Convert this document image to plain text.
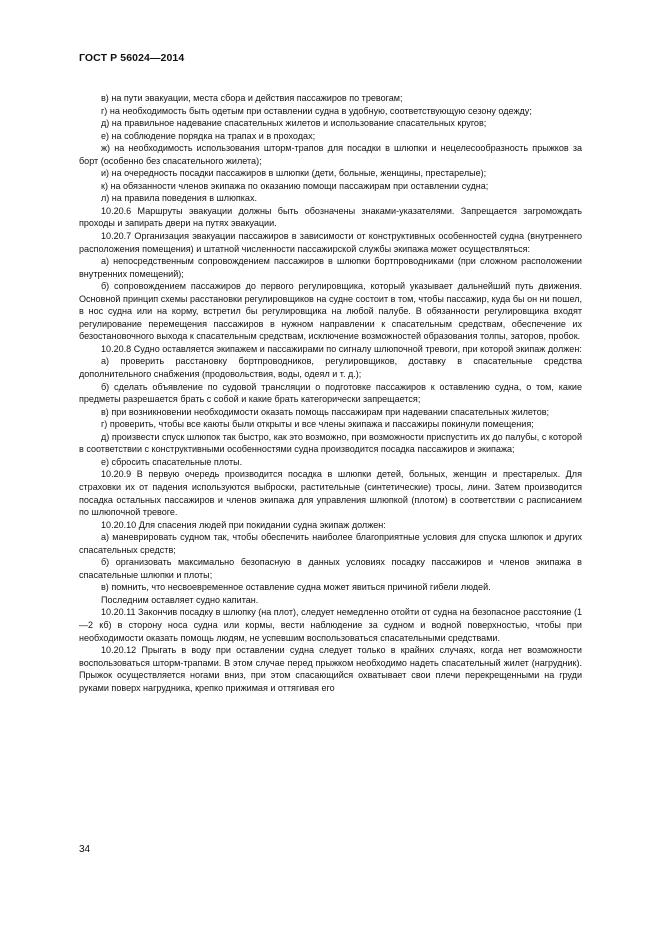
ГОСТ Р 56024—2014

в) на пути эвакуации, места сбора и действия пассажиров по тревогам;

г) на необходимость быть одетым при оставлении судна в удобную, соответствующую сезону одежду;

д) на правильное надевание спасательных жилетов и использование спасательных кругов;

е) на соблюдение порядка на трапах и в проходах;

ж) на необходимость использования шторм-трапов для посадки в шлюпки и нецелесообразность прыжков за борт (особенно без спасательного жилета);

и) на очередность посадки пассажиров в шлюпки (дети, больные, женщины, престарелые);

к) на обязанности членов экипажа по оказанию помощи пассажирам при оставлении судна;

л) на правила поведения в шлюпках.

10.20.6 Маршруты эвакуации должны быть обозначены знаками-указателями. Запрещается загромождать проходы и запирать двери на путях эвакуации.

10.20.7 Организация эвакуации пассажиров в зависимости от конструктивных особенностей судна (внутреннего расположения помещения) и штатной численности пассажирской службы экипажа может осуществляться:

а) непосредственным сопровождением пассажиров в шлюпки бортпроводниками (при сложном расположении внутренних помещений);

б) сопровождением пассажиров до первого регулировщика, который указывает дальнейший путь движения. Основной принцип схемы расстановки регулировщиков на судне состоит в том, чтобы пассажир, куда бы он ни пошел, в нос судна или на корму, встретил бы регулировщика на любой палубе. В обязанности регулировщика входят регулирование перемещения пассажиров в нужном направлении к спасательным средствам, обеспечение их безостановочного выхода к спасательным средствам, исключение возможностей образования толпы, заторов, пробок.

10.20.8 Судно оставляется экипажем и пассажирами по сигналу шлюпочной тревоги, при которой экипаж должен:

а) проверить расстановку бортпроводников, регулировщиков, доставку в спасательные средства дополнительного снабжения (продовольствия, воды, одеял и т. д.);

б) сделать объявление по судовой трансляции о подготовке пассажиров к оставлению судна, о том, какие предметы разрешается брать с собой и какие брать категорически запрещается;

в) при возникновении необходимости оказать помощь пассажирам при надевании спасательных жилетов;

г) проверить, чтобы все каюты были открыты и все члены экипажа и пассажиры покинули помещения;

д) произвести спуск шлюпок так быстро, как это возможно, при возможности приспустить их до палубы, с которой в соответствии с конструктивными особенностями судна производится посадка пассажиров и экипажа;

е) сбросить спасательные плоты.

10.20.9 В первую очередь производится посадка в шлюпки детей, больных, женщин и престарелых. Для страховки их от падения используются выброски, растительные (синтетические) тросы, лини. Затем производится посадка остальных пассажиров и членов экипажа для управления шлюпкой (плотом) в соответствии с расписанием по шлюпочной тревоге.

10.20.10 Для спасения людей при покидании судна экипаж должен:

а) маневрировать судном так, чтобы обеспечить наиболее благоприятные условия для спуска шлюпок и других спасательных средств;

б) организовать максимально безопасную в данных условиях посадку пассажиров и членов экипажа в спасательные шлюпки и плоты;

в) помнить, что несвоевременное оставление судна может явиться причиной гибели людей.

Последним оставляет судно капитан.

10.20.11 Закончив посадку в шлюпку (на плот), следует немедленно отойти от судна на безопасное расстояние (1—2 кб) в сторону носа судна или кормы, вести наблюдение за судном и водной поверхностью, чтобы при необходимости оказать помощь людям, не успевшим воспользоваться спасательными средствами.

10.20.12 Прыгать в воду при оставлении судна следует только в крайних случаях, когда нет возможности воспользоваться шторм-трапами. В этом случае перед прыжком необходимо надеть спасательный жилет (нагрудник). Прыжок осуществляется ногами вниз, при этом спасающийся охватывает свои плечи перекрещенными на груди руками поверх нагрудника, крепко прижимая и оттягивая его

34
